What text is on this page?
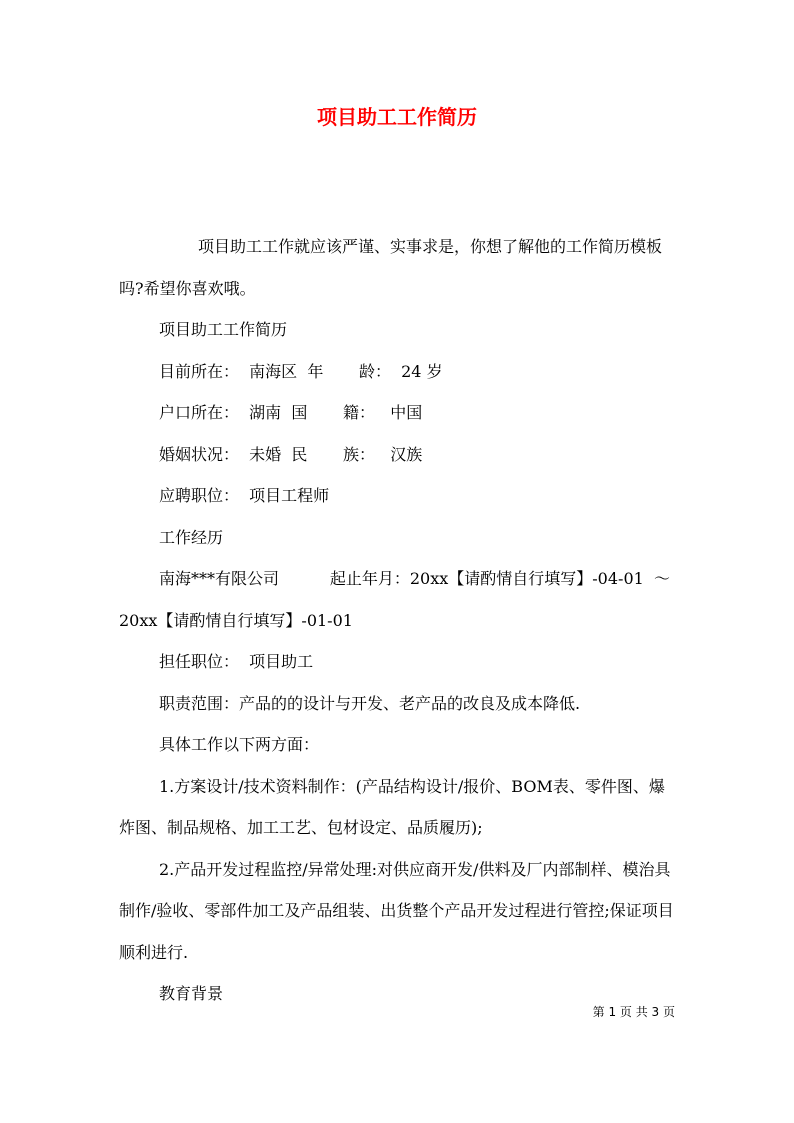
项目助工工作简历

项目助工工作就应该严谨、实事求是，你想了解他的工作简历模板吗?希望你喜欢哦。

项目助工工作简历

目前所在：  南海区  年       龄：  24 岁

户口所在：  湖南  国       籍：   中国

婚姻状况：  未婚  民       族：   汉族

应聘职位：  项目工程师

工作经历

南海***有限公司          起止年月：20xx【请酌情自行填写】-04-01  ～ 20xx【请酌情自行填写】-01-01

担任职位：  项目助工

职责范围：产品的的设计与开发、老产品的改良及成本降低.

具体工作以下两方面：

1.方案设计/技术资料制作：(产品结构设计/报价、BOM表、零件图、爆炸图、制品规格、加工工艺、包材设定、品质履历);

2.产品开发过程监控/异常处理:对供应商开发/供料及厂内部制样、模治具制作/验收、零部件加工及产品组装、出货整个产品开发过程进行管控;保证项目顺利进行.

教育背景

第 1 页 共 3 页
